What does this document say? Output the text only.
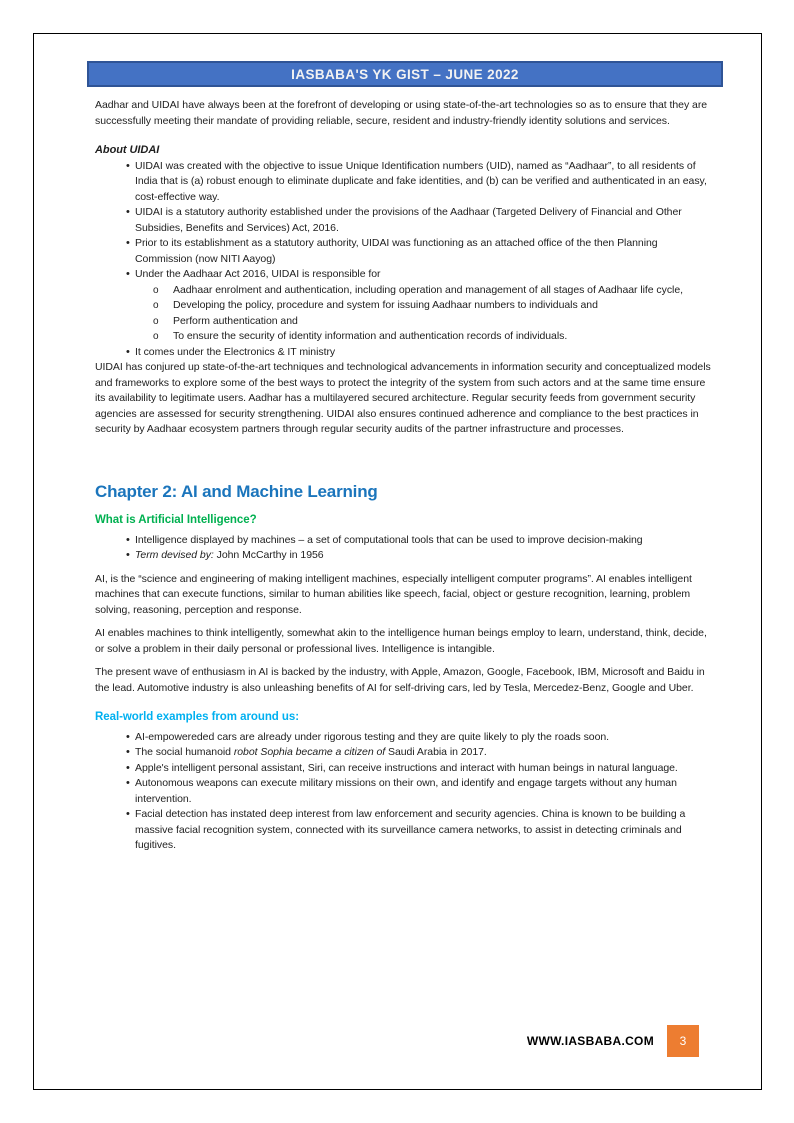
IASBABA'S YK GIST – JUNE 2022

Aadhar and UIDAI have always been at the forefront of developing or using state-of-the-art technologies so as to ensure that they are successfully meeting their mandate of providing reliable, secure, resident and industry-friendly identity solutions and services.

About UIDAI
• UIDAI was created with the objective to issue Unique Identification numbers (UID), named as “Aadhaar”, to all residents of India that is (a) robust enough to eliminate duplicate and fake identities, and (b) can be verified and authenticated in an easy, cost-effective way.
• UIDAI is a statutory authority established under the provisions of the Aadhaar (Targeted Delivery of Financial and Other Subsidies, Benefits and Services) Act, 2016.
• Prior to its establishment as a statutory authority, UIDAI was functioning as an attached office of the then Planning Commission (now NITI Aayog)
• Under the Aadhaar Act 2016, UIDAI is responsible for
o Aadhaar enrolment and authentication, including operation and management of all stages of Aadhaar life cycle,
o Developing the policy, procedure and system for issuing Aadhaar numbers to individuals and
o Perform authentication and
o To ensure the security of identity information and authentication records of individuals.
• It comes under the Electronics & IT ministry

UIDAI has conjured up state-of-the-art techniques and technological advancements in information security and conceptualized models and frameworks to explore some of the best ways to protect the integrity of the system from such actors and at the same time ensure its availability to legitimate users. Aadhar has a multilayered secured architecture. Regular security feeds from government security agencies are assessed for security strengthening. UIDAI also ensures continued adherence and compliance to the best practices in security by Aadhaar ecosystem partners through regular security audits of the partner infrastructure and processes.

Chapter 2: AI and Machine Learning
What is Artificial Intelligence?
• Intelligence displayed by machines – a set of computational tools that can be used to improve decision-making
• Term devised by: John McCarthy in 1956

AI, is the “science and engineering of making intelligent machines, especially intelligent computer programs”. AI enables intelligent machines that can execute functions, similar to human abilities like speech, facial, object or gesture recognition, learning, problem solving, reasoning, perception and response.

AI enables machines to think intelligently, somewhat akin to the intelligence human beings employ to learn, understand, think, decide, or solve a problem in their daily personal or professional lives. Intelligence is intangible.

The present wave of enthusiasm in AI is backed by the industry, with Apple, Amazon, Google, Facebook, IBM, Microsoft and Baidu in the lead. Automotive industry is also unleashing benefits of AI for self-driving cars, led by Tesla, Mercedez-Benz, Google and Uber.

Real-world examples from around us:
• AI-empowereded cars are already under rigorous testing and they are quite likely to ply the roads soon.
• The social humanoid robot Sophia became a citizen of Saudi Arabia in 2017.
• Apple's intelligent personal assistant, Siri, can receive instructions and interact with human beings in natural language.
• Autonomous weapons can execute military missions on their own, and identify and engage targets without any human intervention.
• Facial detection has instated deep interest from law enforcement and security agencies. China is known to be building a massive facial recognition system, connected with its surveillance camera networks, to assist in detecting criminals and fugitives.
WWW.IASBABA.COM	3
